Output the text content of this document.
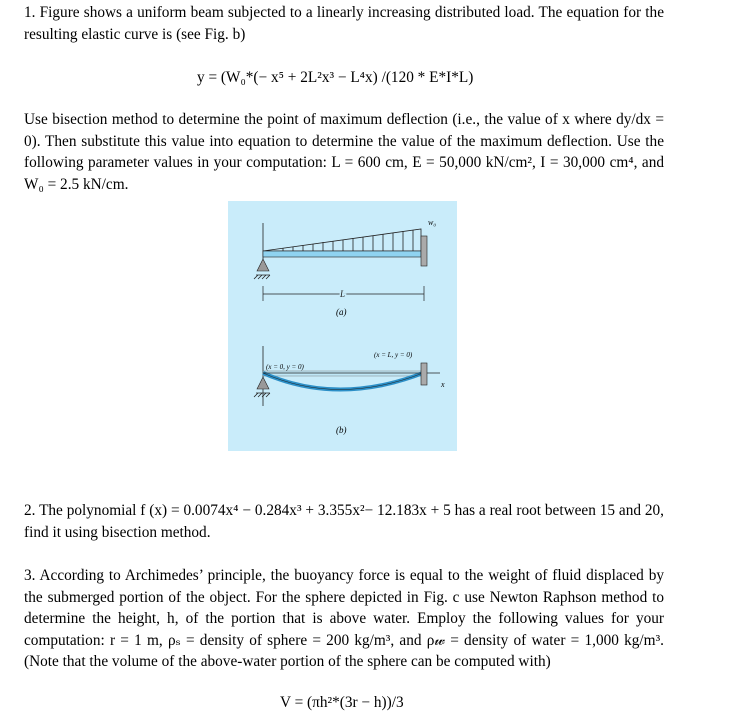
1. Figure shows a uniform beam subjected to a linearly increasing distributed load. The equation for the resulting elastic curve is (see Fig. b)

y = (W₀*(− x⁵ + 2L²x³ − L⁴x) /(120 * E*I*L)

Use bisection method to determine the point of maximum deflection (i.e., the value of x where dy/dx = 0). Then substitute this value into equation to determine the value of the maximum deflection. Use the following parameter values in your computation: L = 600 cm, E = 50,000 kN/cm², I = 30,000 cm⁴, and W₀ = 2.5 kN/cm.

w₀
L
(a)
(x = 0, y = 0)
(x = L, y = 0)
x
(b)

2. The polynomial f (x) = 0.0074x⁴ − 0.284x³ + 3.355x²− 12.183x + 5 has a real root between 15 and 20, find it using bisection method.

3. According to Archimedes’ principle, the buoyancy force is equal to the weight of fluid displaced by the submerged portion of the object. For the sphere depicted in Fig. c use Newton Raphson method to determine the height, h, of the portion that is above water. Employ the following values for your computation: r = 1 m, ρₛ = density of sphere = 200 kg/m³, and ρ𝓌 = density of water = 1,000 kg/m³. (Note that the volume of the above-water portion of the sphere can be computed with)

V = (πh²*(3r − h))/3
